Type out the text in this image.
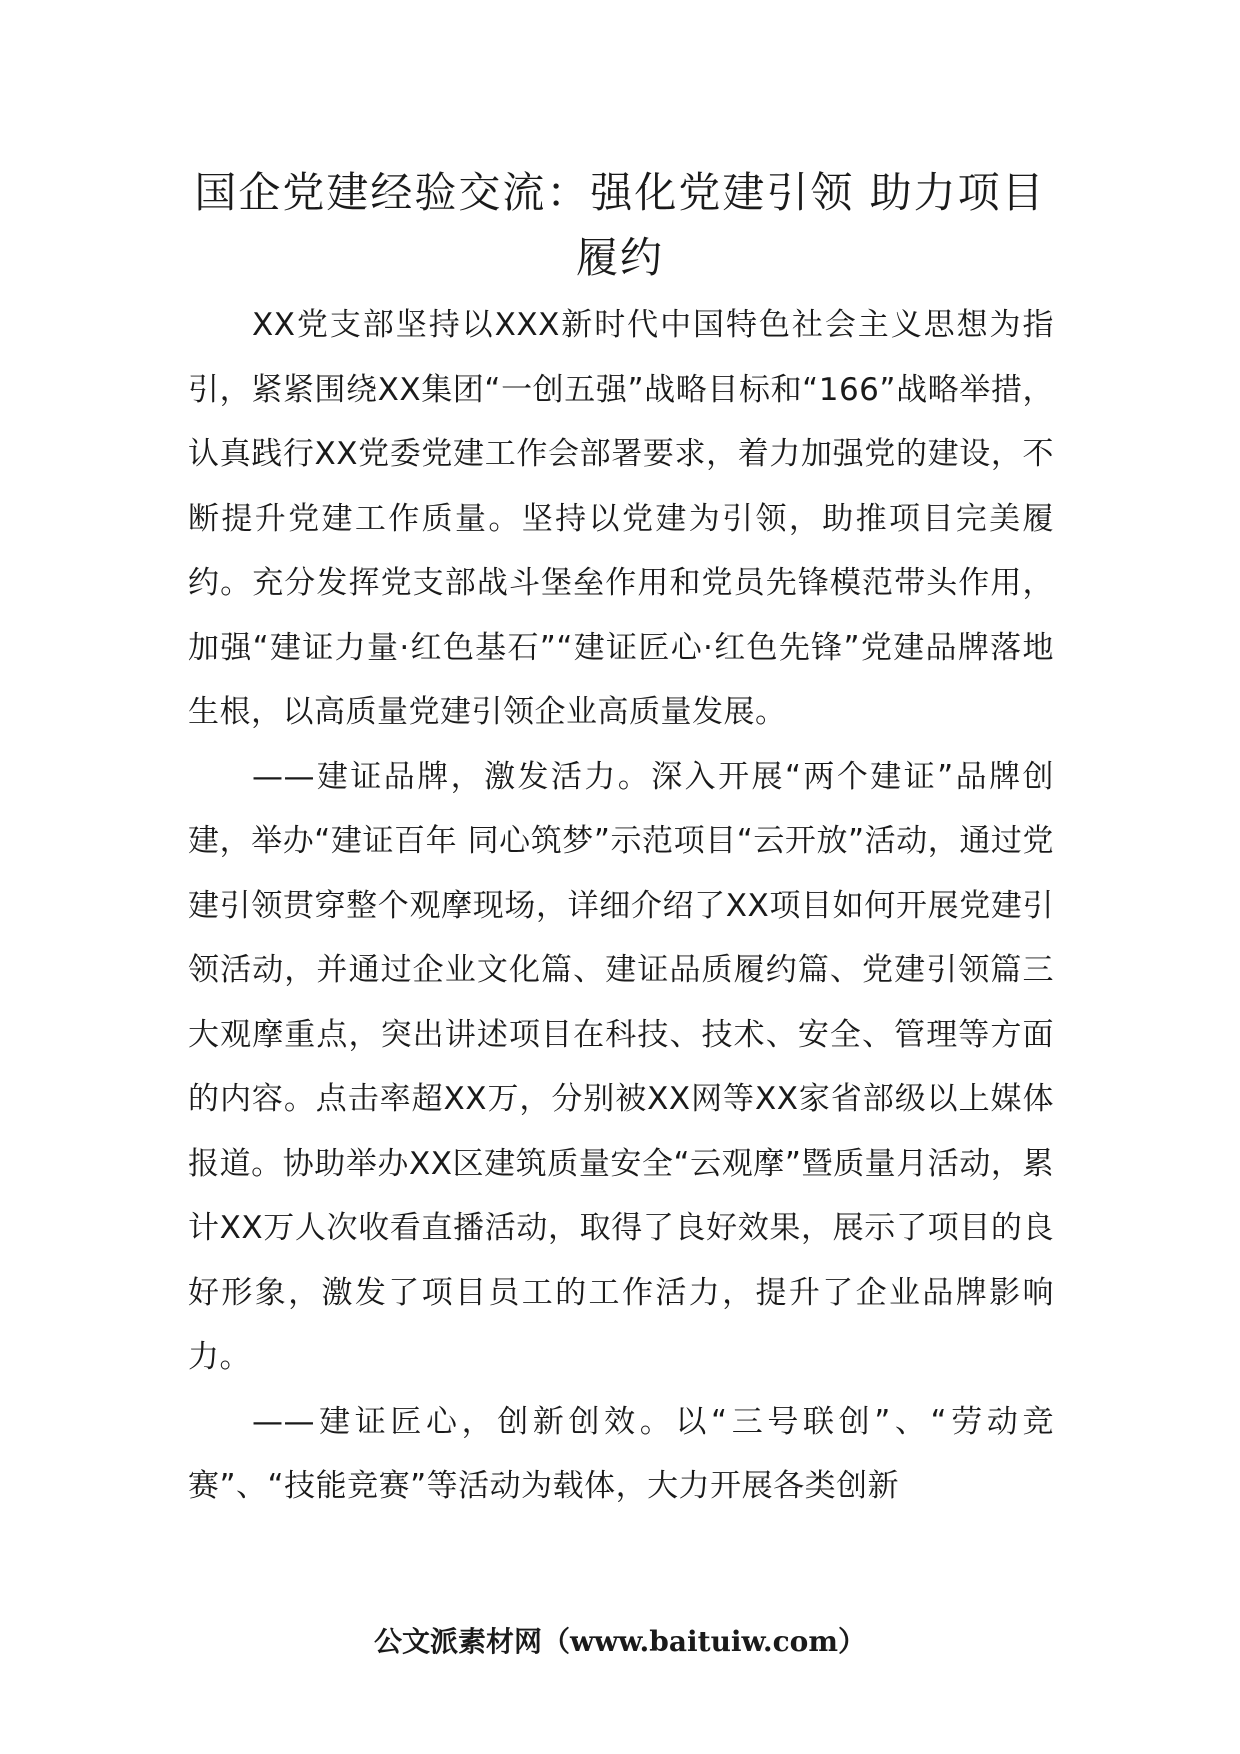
国企党建经验交流：强化党建引领 助力项目履约

XX党支部坚持以XXX新时代中国特色社会主义思想为指引，紧紧围绕XX集团“一创五强”战略目标和“166”战略举措，认真践行XX党委党建工作会部署要求，着力加强党的建设，不断提升党建工作质量。坚持以党建为引领，助推项目完美履约。充分发挥党支部战斗堡垒作用和党员先锋模范带头作用，加强“建证力量·红色基石”“建证匠心·红色先锋”党建品牌落地生根，以高质量党建引领企业高质量发展。

——建证品牌，激发活力。深入开展“两个建证”品牌创建，举办“建证百年 同心筑梦”示范项目“云开放”活动，通过党建引领贯穿整个观摩现场，详细介绍了XX项目如何开展党建引领活动，并通过企业文化篇、建证品质履约篇、党建引领篇三大观摩重点，突出讲述项目在科技、技术、安全、管理等方面的内容。点击率超XX万，分别被XX网等XX家省部级以上媒体报道。协助举办XX区建筑质量安全“云观摩”暨质量月活动，累计XX万人次收看直播活动，取得了良好效果，展示了项目的良好形象，激发了项目员工的工作活力，提升了企业品牌影响力。

——建证匠心，创新创效。以“三号联创”、“劳动竞赛”、“技能竞赛”等活动为载体，大力开展各类创新

公文派素材网（www.baituiw.com）
